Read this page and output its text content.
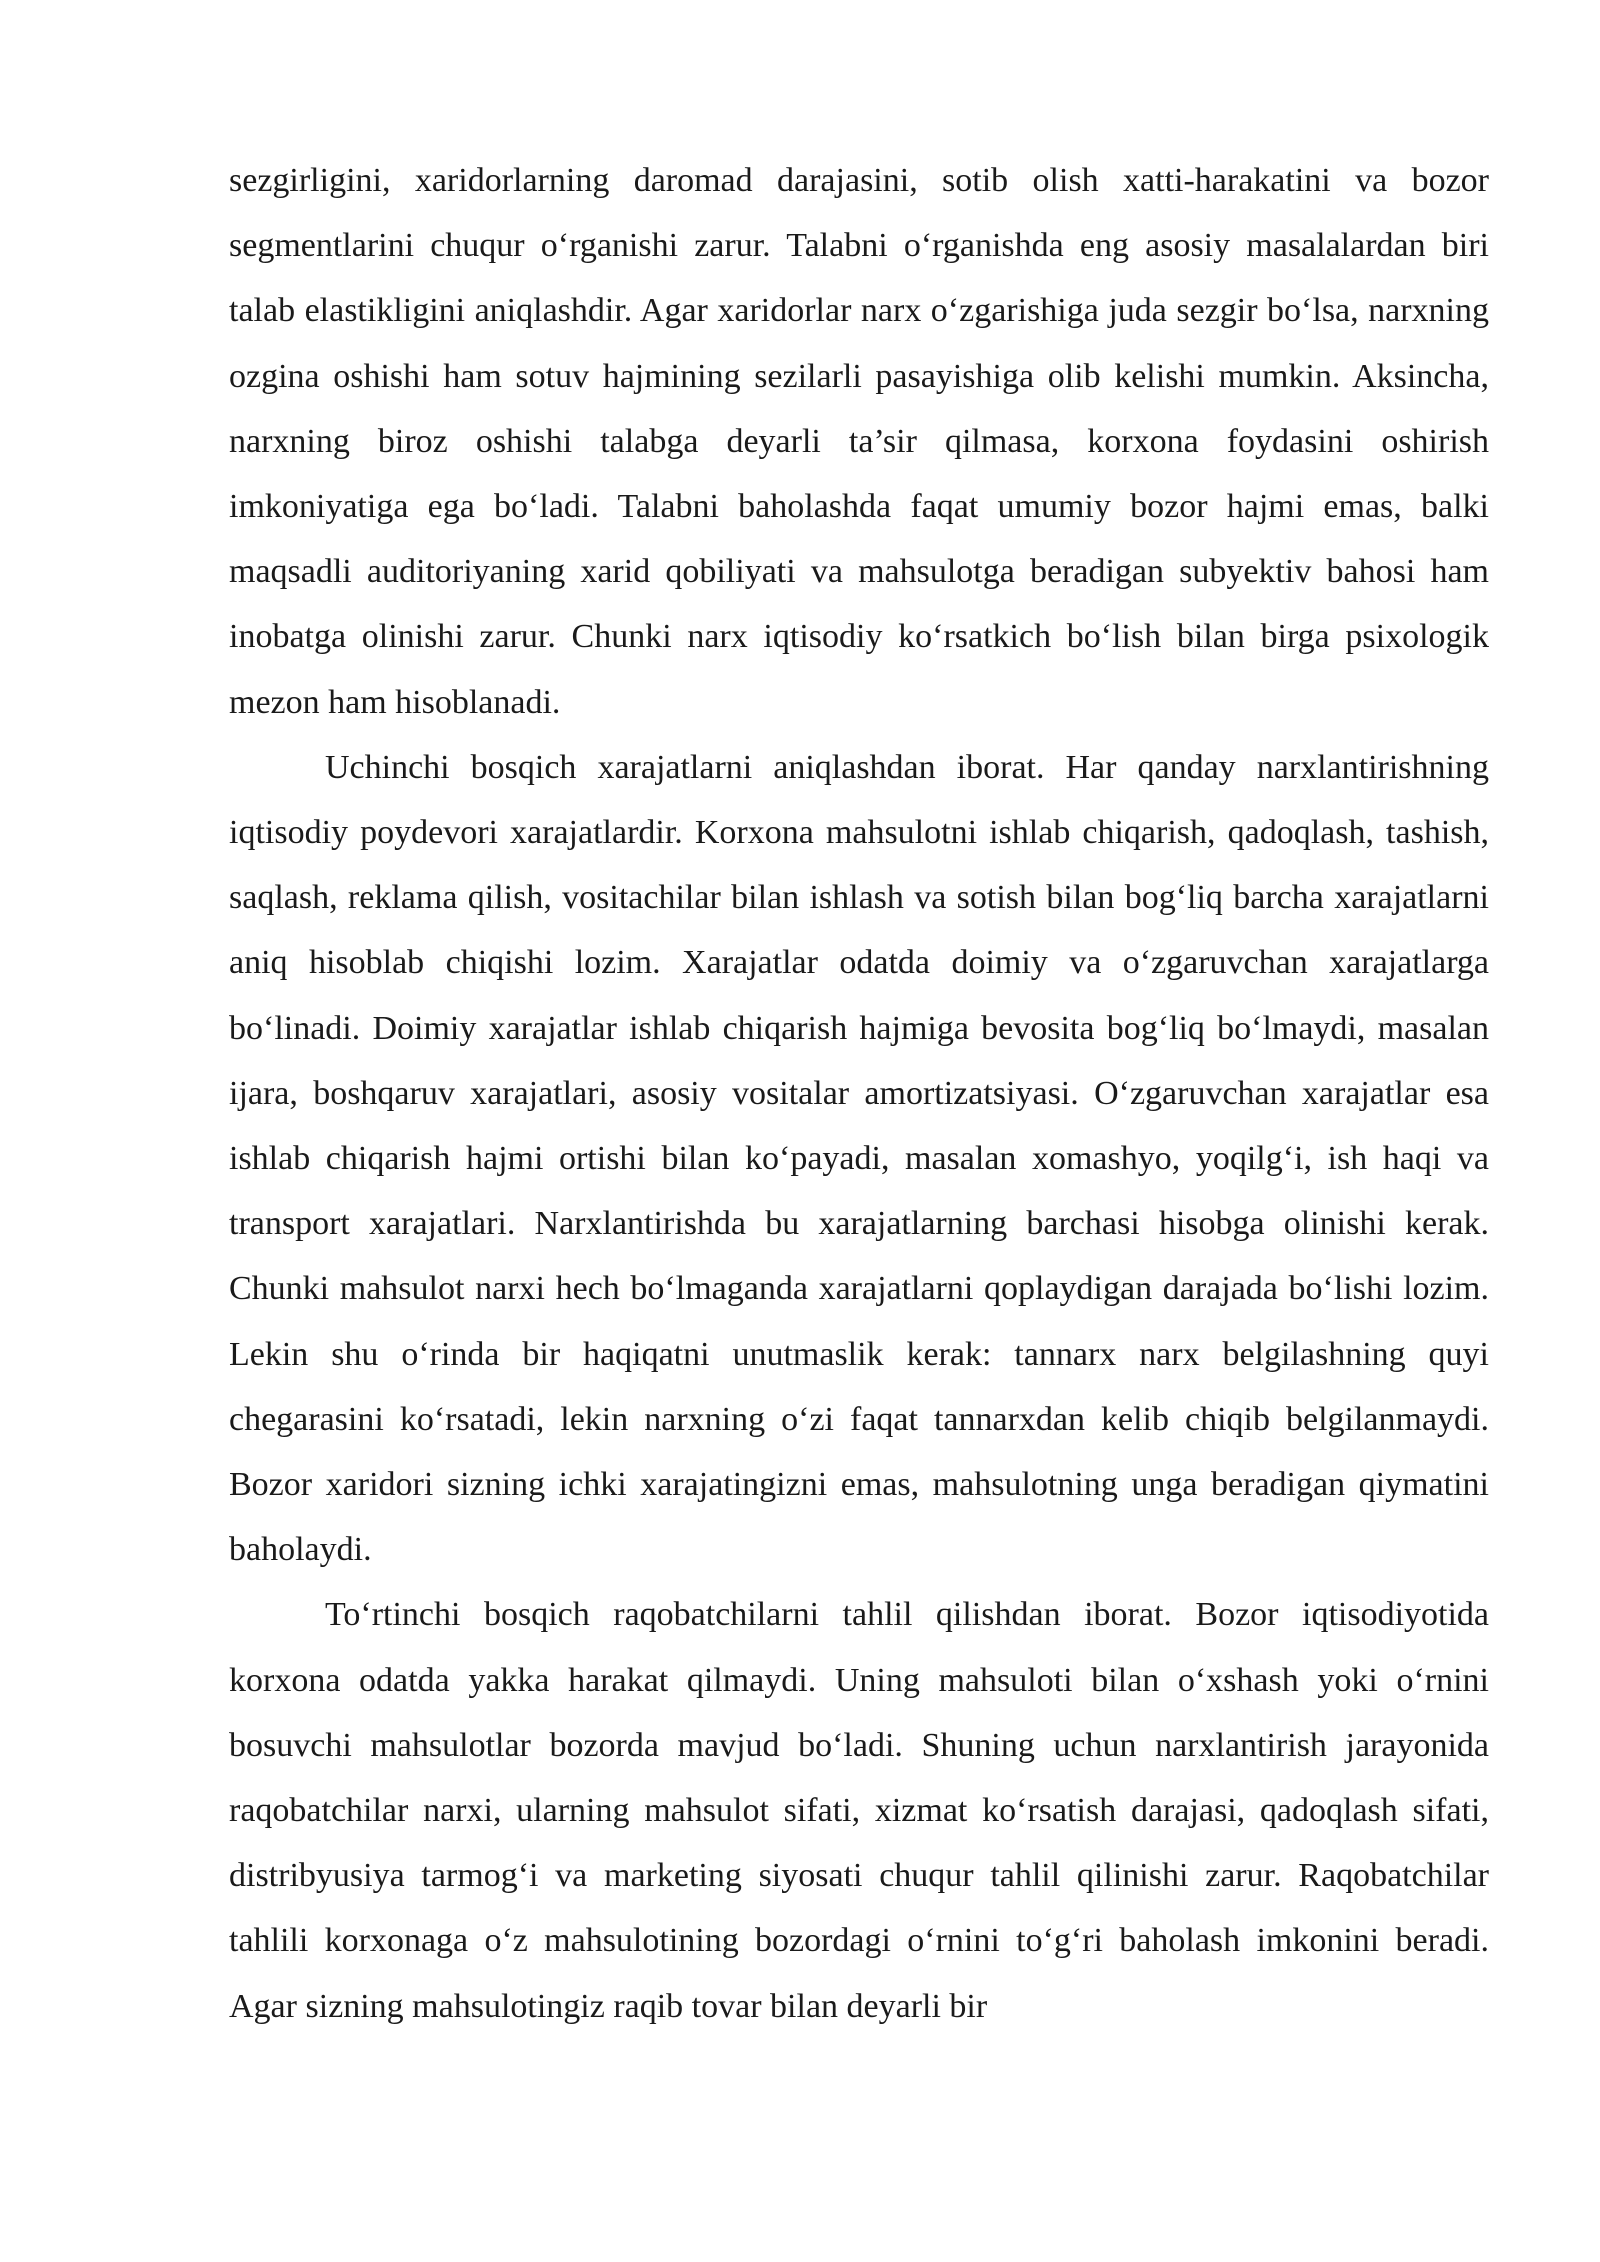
sezgirligini, xaridorlarning daromad darajasini, sotib olish xatti-harakatini va bozor segmentlarini chuqur o‘rganishi zarur. Talabni o‘rganishda eng asosiy masalalardan biri talab elastikligini aniqlashdir. Agar xaridorlar narx o‘zgarishiga juda sezgir bo‘lsa, narxning ozgina oshishi ham sotuv hajmining sezilarli pasayishiga olib kelishi mumkin. Aksincha, narxning biroz oshishi talabga deyarli ta’sir qilmasa, korxona foydasini oshirish imkoniyatiga ega bo‘ladi. Talabni baholashda faqat umumiy bozor hajmi emas, balki maqsadli auditoriyaning xarid qobiliyati va mahsulotga beradigan subyektiv bahosi ham inobatga olinishi zarur. Chunki narx iqtisodiy ko‘rsatkich bo‘lish bilan birga psixologik mezon ham hisoblanadi.

Uchinchi bosqich xarajatlarni aniqlashdan iborat. Har qanday narxlantirishning iqtisodiy poydevori xarajatlardir. Korxona mahsulotni ishlab chiqarish, qadoqlash, tashish, saqlash, reklama qilish, vositachilar bilan ishlash va sotish bilan bog‘liq barcha xarajatlarni aniq hisoblab chiqishi lozim. Xarajatlar odatda doimiy va o‘zgaruvchan xarajatlarga bo‘linadi. Doimiy xarajatlar ishlab chiqarish hajmiga bevosita bog‘liq bo‘lmaydi, masalan ijara, boshqaruv xarajatlari, asosiy vositalar amortizatsiyasi. O‘zgaruvchan xarajatlar esa ishlab chiqarish hajmi ortishi bilan ko‘payadi, masalan xomashyo, yoqilg‘i, ish haqi va transport xarajatlari. Narxlantirishda bu xarajatlarning barchasi hisobga olinishi kerak. Chunki mahsulot narxi hech bo‘lmaganda xarajatlarni qoplaydigan darajada bo‘lishi lozim. Lekin shu o‘rinda bir haqiqatni unutmaslik kerak: tannarx narx belgilashning quyi chegarasini ko‘rsatadi, lekin narxning o‘zi faqat tannarxdan kelib chiqib belgilanmaydi. Bozor xaridori sizning ichki xarajatingizni emas, mahsulotning unga beradigan qiymatini baholaydi.

To‘rtinchi bosqich raqobatchilarni tahlil qilishdan iborat. Bozor iqtisodiyotida korxona odatda yakka harakat qilmaydi. Uning mahsuloti bilan o‘xshash yoki o‘rnini bosuvchi mahsulotlar bozorda mavjud bo‘ladi. Shuning uchun narxlantirish jarayonida raqobatchilar narxi, ularning mahsulot sifati, xizmat ko‘rsatish darajasi, qadoqlash sifati, distribyusiya tarmog‘i va marketing siyosati chuqur tahlil qilinishi zarur. Raqobatchilar tahlili korxonaga o‘z mahsulotining bozordagi o‘rnini to‘g‘ri baholash imkonini beradi. Agar sizning mahsulotingiz raqib tovar bilan deyarli bir
